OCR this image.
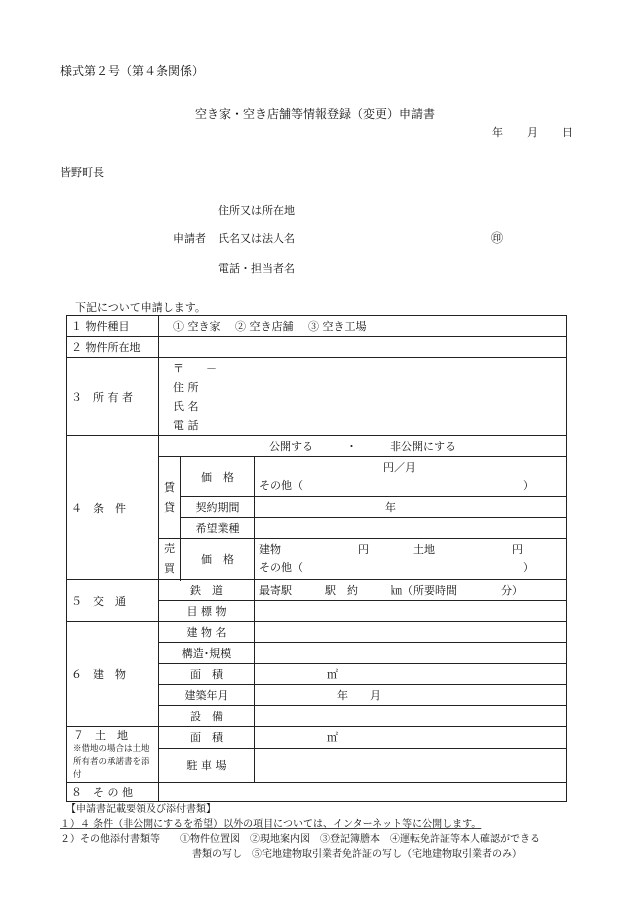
様式第２号（第４条関係）
空き家・空き店舗等情報登録（変更）申請書
年 月 日
皆野町長
住所又は所在地
申請者 氏名又は法人名	㊞
電話・担当者名
下記について申請します。
１ 物件種目	① 空き家　 ② 空き店舗　 ③ 空き工場		
２ 物件所在地			
３　所 有 者	〒　　－
住 所
氏 名
電 話		

４　条　件	公開する　　　・　　　非公開にする		
	賃貸	価　格	円／月
その他（　　　　　　　　　　　　　　　　　　　　）

		契約期間	年
		希望業種	
	売買	価　格	建物　　　　　　　円　　　　土地　　　　　　　円
その他（　　　　　　　　　　　　　　　　　　　　）

５　交　通	鉄　道		最寄駅　　　駅　約　　　㎞（所要時間　　　　分）
	目 標 物		
６　建　物	建 物 名		
	構造･規模		
	面　積		㎡
	建築年月		年　　月
	設　備		

７　土　地
※借地の場合は土地所有者の承諾書を添付	面　積		㎡
	駐 車 場		
８　そ の 他			
【申請書記載要領及び添付書類】
１）４ 条件（非公開にするを希望）以外の項目については、インターネット等に公開します。
２）その他添付書類等　　①物件位置図　②現地案内図　③登記簿謄本　④運転免許証等本人確認ができる
書類の写し　⑤宅地建物取引業者免許証の写し（宅地建物取引業者のみ）
